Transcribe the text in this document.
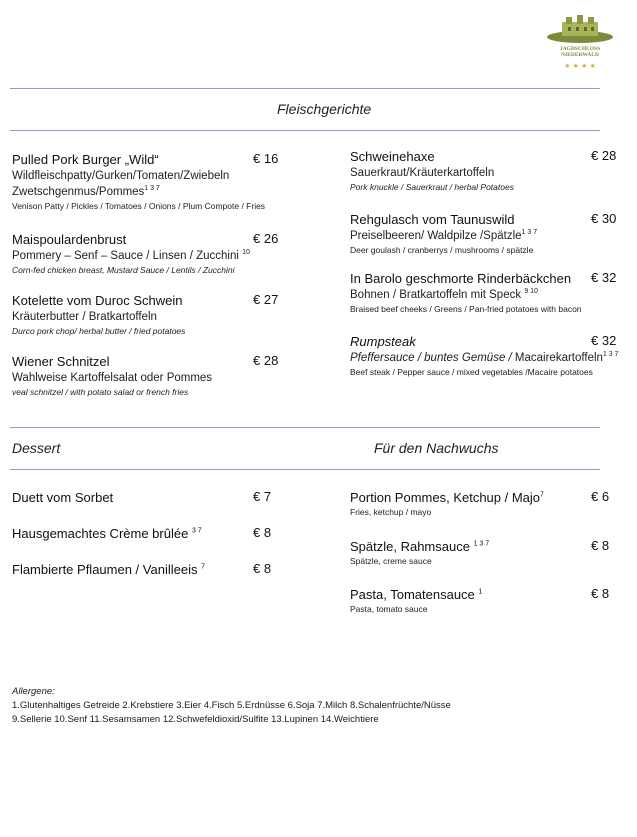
JAGDSCHLOSS
NIEDERWALD
★ ★ ★ ★
Fleischgerichte
Dessert	Für den Nachwuchs
Pulled Pork Burger „Wild“
Wildfleischpatty/Gurken/Tomaten/Zwiebeln
Zwetschgenmus/Pommes$^{1 3 7}$
Venison Patty / Pickles / Tomatoes / Onions / Plum Compote / Fries
€ 16
Maispoulardenbrust
Pommery – Senf – Sauce / Linsen / Zucchini $^{10}$
Corn-fed chicken breast, Mustard Sauce / Lentils / Zucchini
€ 26
Kotelette vom Duroc Schwein
Kräuterbutter / Bratkartoffeln
Durco pork chop/ herbal butter / fried potatoes
€ 27
Wiener Schnitzel
Wahlweise Kartoffelsalat oder Pommes
veal schnitzel / with potato salad or french fries
€ 28
Schweinehaxe
Sauerkraut/Kräuterkartoffeln
Pork knuckle / Sauerkraut / herbal Potatoes
€ 28
Rehgulasch vom Taunuswild
Preiselbeeren/ Waldpilze /Spätzle$^{1 3 7}$
Deer goulash / cranberrys / mushrooms / spätzle
€ 30
In Barolo geschmorte Rinderbäckchen
Bohnen / Bratkartoffeln mit Speck $^{9 10}$
Braised beef cheeks / Greens / Pan-fried potatoes with bacon
€ 32
Rumpsteak
Pfeffersauce / buntes Gemüse / Macairekartoffeln$^{1 3 7}$
Beef steak / Pepper sauce / mixed vegetables /Macaire potatoes
€ 32
Duett vom Sorbet	€ 7
Hausgemachtes Crème brûlée $^{3 7}$	€ 8
Flambierte Pflaumen / Vanilleeis $^7$	€ 8
Portion Pommes, Ketchup / Majo$^7$
Fries, ketchup / mayo
€ 6
Spätzle, Rahmsauce $^{1 3 7}$
Spätzle, creme sauce
€ 8
Pasta, Tomatensauce $^1$
Pasta, tomato sauce
€ 8
Allergene:
1.Glutenhaltiges Getreide 2.Krebstiere 3.Eier 4.Fisch 5.Erdnüsse 6.Soja 7.Milch 8.Schalenfrüchte/Nüsse
9.Sellerie 10.Senf 11.Sesamsamen 12.Schwefeldioxid/Sulfite 13.Lupinen 14.Weichtiere
